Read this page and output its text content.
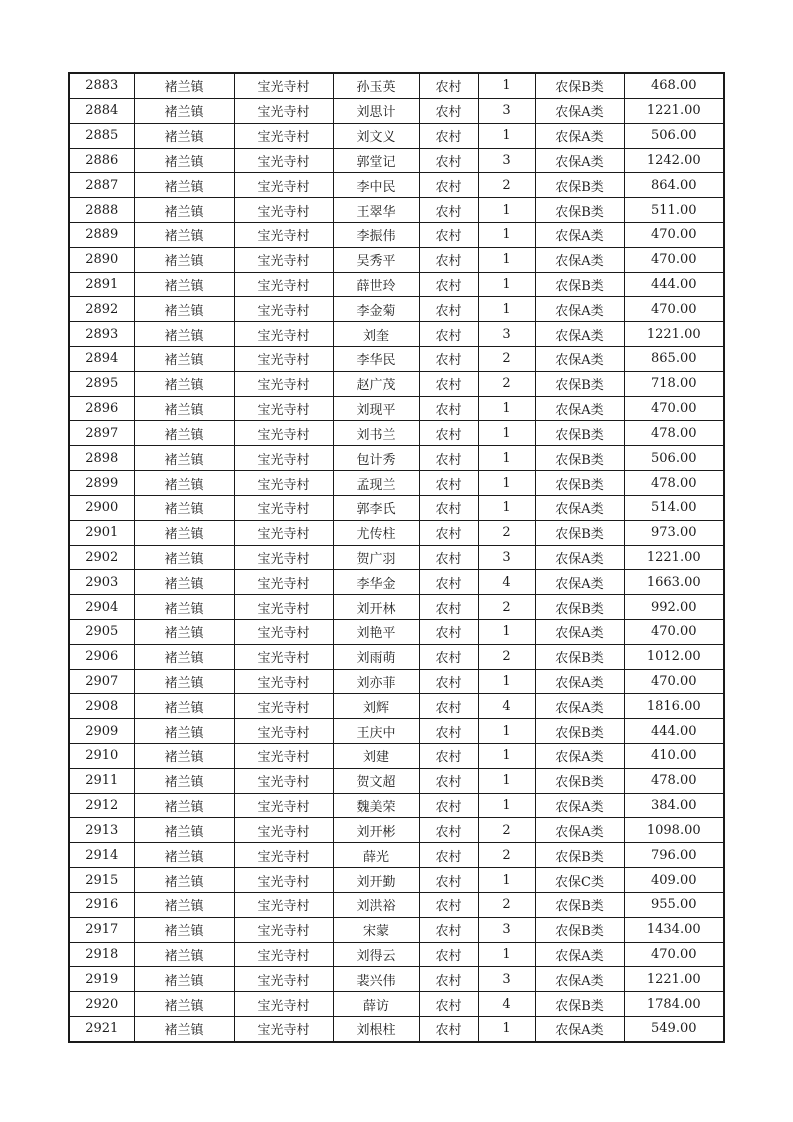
2883	褚兰镇	宝光寺村	孙玉英	农村	1	农保B类	468.00
2884	褚兰镇	宝光寺村	刘思计	农村	3	农保A类	1221.00
2885	褚兰镇	宝光寺村	刘文义	农村	1	农保A类	506.00
2886	褚兰镇	宝光寺村	郭堂记	农村	3	农保A类	1242.00
2887	褚兰镇	宝光寺村	李中民	农村	2	农保B类	864.00
2888	褚兰镇	宝光寺村	王翠华	农村	1	农保B类	511.00
2889	褚兰镇	宝光寺村	李振伟	农村	1	农保A类	470.00
2890	褚兰镇	宝光寺村	吴秀平	农村	1	农保A类	470.00
2891	褚兰镇	宝光寺村	薛世玲	农村	1	农保B类	444.00
2892	褚兰镇	宝光寺村	李金菊	农村	1	农保A类	470.00
2893	褚兰镇	宝光寺村	刘奎	农村	3	农保A类	1221.00
2894	褚兰镇	宝光寺村	李华民	农村	2	农保A类	865.00
2895	褚兰镇	宝光寺村	赵广茂	农村	2	农保B类	718.00
2896	褚兰镇	宝光寺村	刘现平	农村	1	农保A类	470.00
2897	褚兰镇	宝光寺村	刘书兰	农村	1	农保B类	478.00
2898	褚兰镇	宝光寺村	包计秀	农村	1	农保B类	506.00
2899	褚兰镇	宝光寺村	孟现兰	农村	1	农保B类	478.00
2900	褚兰镇	宝光寺村	郭李氏	农村	1	农保A类	514.00
2901	褚兰镇	宝光寺村	尤传柱	农村	2	农保B类	973.00
2902	褚兰镇	宝光寺村	贺广羽	农村	3	农保A类	1221.00
2903	褚兰镇	宝光寺村	李华金	农村	4	农保A类	1663.00
2904	褚兰镇	宝光寺村	刘开林	农村	2	农保B类	992.00
2905	褚兰镇	宝光寺村	刘艳平	农村	1	农保A类	470.00
2906	褚兰镇	宝光寺村	刘雨萌	农村	2	农保B类	1012.00
2907	褚兰镇	宝光寺村	刘亦菲	农村	1	农保A类	470.00
2908	褚兰镇	宝光寺村	刘辉	农村	4	农保A类	1816.00
2909	褚兰镇	宝光寺村	王庆中	农村	1	农保B类	444.00
2910	褚兰镇	宝光寺村	刘建	农村	1	农保A类	410.00
2911	褚兰镇	宝光寺村	贺文超	农村	1	农保B类	478.00
2912	褚兰镇	宝光寺村	魏美荣	农村	1	农保A类	384.00
2913	褚兰镇	宝光寺村	刘开彬	农村	2	农保A类	1098.00
2914	褚兰镇	宝光寺村	薛光	农村	2	农保B类	796.00
2915	褚兰镇	宝光寺村	刘开勤	农村	1	农保C类	409.00
2916	褚兰镇	宝光寺村	刘洪裕	农村	2	农保B类	955.00
2917	褚兰镇	宝光寺村	宋蒙	农村	3	农保B类	1434.00
2918	褚兰镇	宝光寺村	刘得云	农村	1	农保A类	470.00
2919	褚兰镇	宝光寺村	裴兴伟	农村	3	农保A类	1221.00
2920	褚兰镇	宝光寺村	薛访	农村	4	农保B类	1784.00
2921	褚兰镇	宝光寺村	刘根柱	农村	1	农保A类	549.00
